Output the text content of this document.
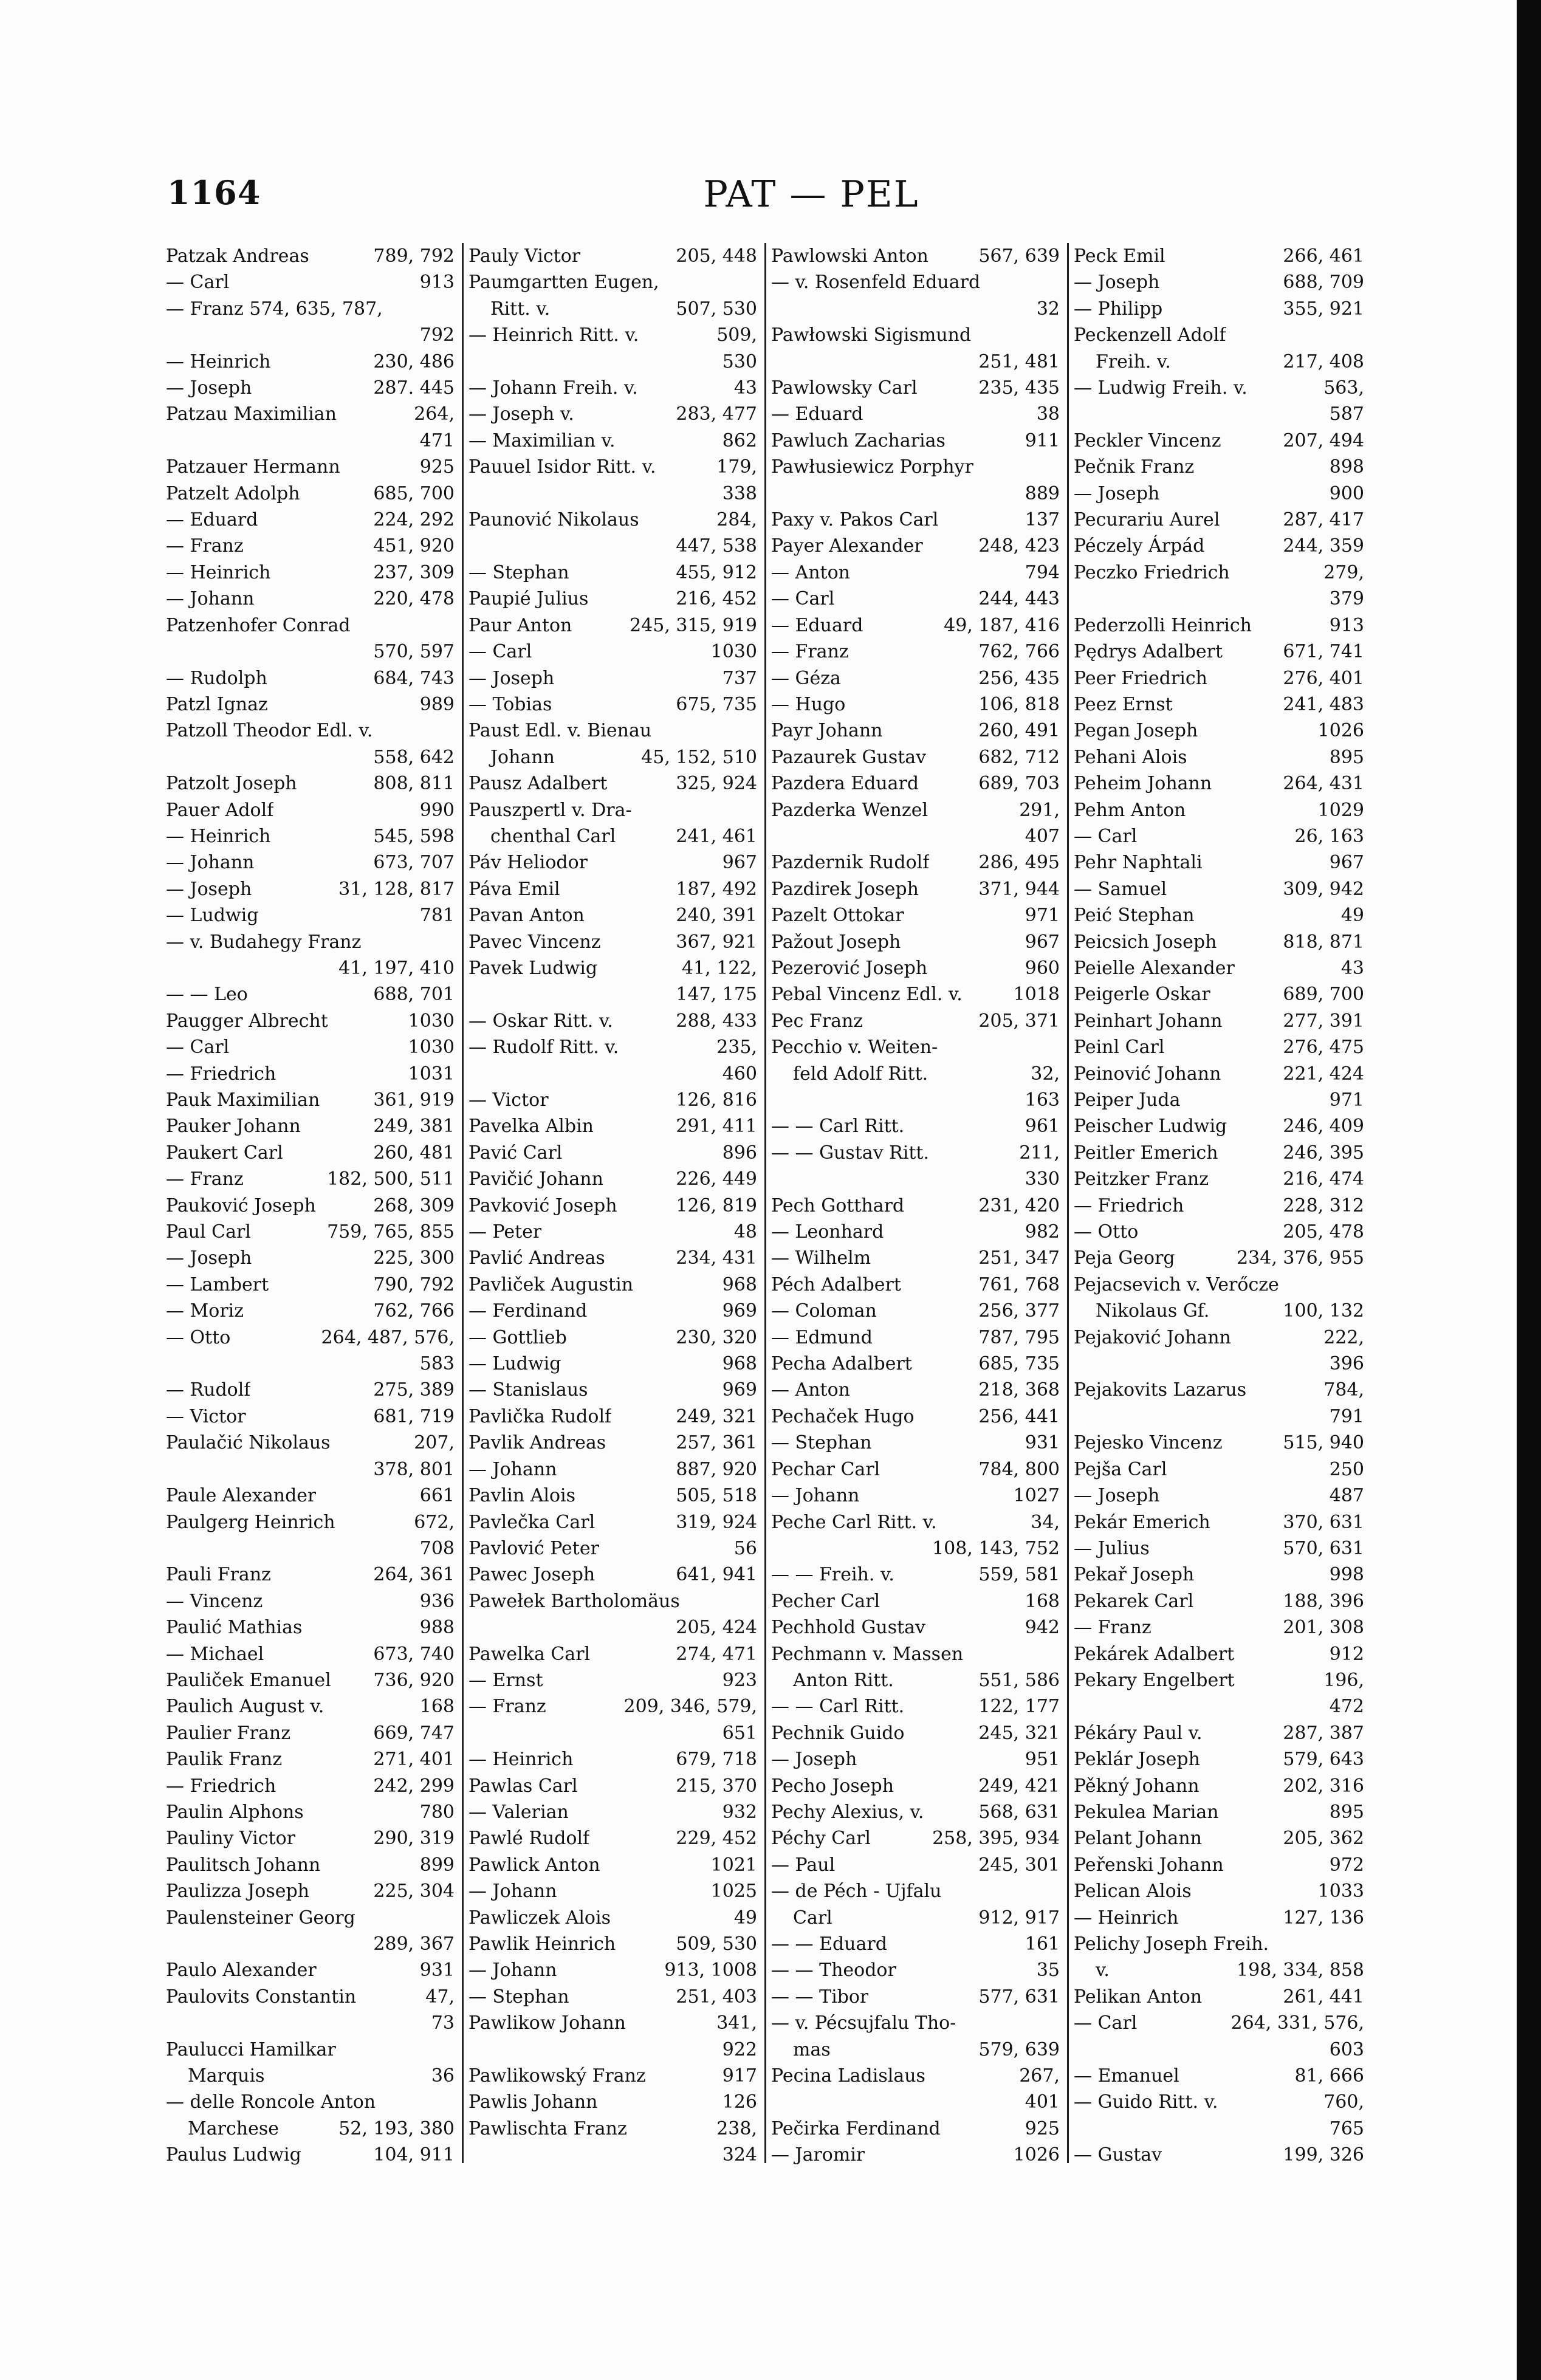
PAT — PEL
1164
Patzak Andreas	789, 792
— Carl	913
— Franz 574, 635, 787,
792
— Heinrich	230, 486
— Joseph	287. 445
Patzau Maximilian	264,
471
Patzauer Hermann	925
Patzelt Adolph	685, 700
— Eduard	224, 292
— Franz	451, 920
— Heinrich	237, 309
— Johann	220, 478
Patzenhofer Conrad
570, 597
— Rudolph	684, 743
Patzl Ignaz	989
Patzoll Theodor Edl. v.
558, 642
Patzolt Joseph	808, 811
Pauer Adolf	990
— Heinrich	545, 598
— Johann	673, 707
— Joseph	31, 128, 817
— Ludwig	781
— v. Budahegy Franz
41, 197, 410
— — Leo	688, 701
Paugger Albrecht	1030
— Carl	1030
— Friedrich	1031
Pauk Maximilian	361, 919
Pauker Johann	249, 381
Paukert Carl	260, 481
— Franz	182, 500, 511
Pauković Joseph	268, 309
Paul Carl	759, 765, 855
— Joseph	225, 300
— Lambert	790, 792
— Moriz	762, 766
— Otto	264, 487, 576,
583
— Rudolf	275, 389
— Victor	681, 719
Paulačić Nikolaus	207,
378, 801
Paule Alexander	661
Paulgerg Heinrich	672,
708
Pauli Franz	264, 361
— Vincenz	936
Paulić Mathias	988
— Michael	673, 740
Pauliček Emanuel 736, 920
Paulich August v.	168
Paulier Franz	669, 747
Paulik Franz	271, 401
— Friedrich	242, 299
Paulin Alphons	780
Pauliny Victor	290, 319
Paulitsch Johann	899
Paulizza Joseph	225, 304
Paulensteiner Georg
289, 367
Paulo Alexander	931
Paulovits Constantin	47,
73
Paulucci Hamilkar
Marquis	36
— delle Roncole Anton
Marchese	52, 193, 380
Paulus Ludwig	104, 911
Pauly Victor	205, 448
Paumgartten Eugen,
Ritt. v.	507, 530
— Heinrich Ritt. v.	509,
530
— Johann Freih. v.	43
— Joseph v.	283, 477
— Maximilian v.	862
Pauuel Isidor Ritt. v.	179,
338
Paunović Nikolaus	284,
447, 538
— Stephan	455, 912
Paupié Julius	216, 452
Paur Anton	245, 315, 919
— Carl	1030
— Joseph	737
— Tobias	675, 735
Paust Edl. v. Bienau
Johann	45, 152, 510
Pausz Adalbert	325, 924
Pauszpertl v. Dra-
chenthal Carl	241, 461
Páv Heliodor	967
Páva Emil	187, 492
Pavan Anton	240, 391
Pavec Vincenz	367, 921
Pavek Ludwig	41, 122,
147, 175
— Oskar Ritt. v.	288, 433
— Rudolf Ritt. v.	235,
460
— Victor	126, 816
Pavelka Albin	291, 411
Pavić Carl	896
Pavičić Johann	226, 449
Pavković Joseph	126, 819
— Peter	48
Pavlić Andreas	234, 431
Pavliček Augustin	968
— Ferdinand	969
— Gottlieb	230, 320
— Ludwig	968
— Stanislaus	969
Pavlička Rudolf	249, 321
Pavlik Andreas	257, 361
— Johann	887, 920
Pavlin Alois	505, 518
Pavlečka Carl	319, 924
Pavlović Peter	56
Pawec Joseph	641, 941
Pawełek Bartholomäus
205, 424
Pawelka Carl	274, 471
— Ernst	923
— Franz	209, 346, 579,
651
— Heinrich	679, 718
Pawlas Carl	215, 370
— Valerian	932
Pawlé Rudolf	229, 452
Pawlick Anton	1021
— Johann	1025
Pawliczek Alois	49
Pawlik Heinrich	509, 530
— Johann	913, 1008
— Stephan	251, 403
Pawlikow Johann	341,
922
Pawlikowský Franz	917
Pawlis Johann	126
Pawlischta Franz	238,
324
Pawlowski Anton	567, 639
— v. Rosenfeld Eduard
32
Pawłowski Sigismund
251, 481
Pawlowsky Carl	235, 435
— Eduard	38
Pawluch Zacharias	911
Pawłusiewicz Porphyr
889
Paxy v. Pakos Carl	137
Payer Alexander	248, 423
— Anton	794
— Carl	244, 443
— Eduard	49, 187, 416
— Franz	762, 766
— Géza	256, 435
— Hugo	106, 818
Payr Johann	260, 491
Pazaurek Gustav	682, 712
Pazdera Eduard	689, 703
Pazderka Wenzel	291,
407
Pazdernik Rudolf	286, 495
Pazdirek Joseph	371, 944
Pazelt Ottokar	971
Pažout Joseph	967
Pezerović Joseph	960
Pebal Vincenz Edl. v.	1018
Pec Franz	205, 371
Pecchio v. Weiten-
feld Adolf Ritt.	32,
163
— — Carl Ritt.	961
— — Gustav Ritt.	211,
330
Pech Gotthard	231, 420
— Leonhard	982
— Wilhelm	251, 347
Péch Adalbert	761, 768
— Coloman	256, 377
— Edmund	787, 795
Pecha Adalbert	685, 735
— Anton	218, 368
Pechaček Hugo	256, 441
— Stephan	931
Pechar Carl	784, 800
— Johann	1027
Peche Carl Ritt. v.	34,
108, 143, 752
— — Freih. v.	559, 581
Pecher Carl	168
Pechhold Gustav	942
Pechmann v. Massen
Anton Ritt.	551, 586
— — Carl Ritt.	122, 177
Pechnik Guido	245, 321
— Joseph	951
Pecho Joseph	249, 421
Pechy Alexius, v.	568, 631
Péchy Carl	258, 395, 934
— Paul	245, 301
— de Péch - Ujfalu
Carl	912, 917
— — Eduard	161
— — Theodor	35
— — Tibor	577, 631
— v. Pécsujfalu Tho-
mas	579, 639
Pecina Ladislaus	267,
401
Pečirka Ferdinand	925
— Jaromir	1026
Peck Emil	266, 461
— Joseph	688, 709
— Philipp	355, 921
Peckenzell Adolf
Freih. v.	217, 408
— Ludwig Freih. v.	563,
587
Peckler Vincenz	207, 494
Pečnik Franz	898
— Joseph	900
Pecurariu Aurel	287, 417
Péczely Árpád	244, 359
Peczko Friedrich	279,
379
Pederzolli Heinrich	913
Pędrys Adalbert	671, 741
Peer Friedrich	276, 401
Peez Ernst	241, 483
Pegan Joseph	1026
Pehani Alois	895
Peheim Johann	264, 431
Pehm Anton	1029
— Carl	26, 163
Pehr Naphtali	967
— Samuel	309, 942
Peić Stephan	49
Peicsich Joseph	818, 871
Peielle Alexander	43
Peigerle Oskar	689, 700
Peinhart Johann	277, 391
Peinl Carl	276, 475
Peinović Johann	221, 424
Peiper Juda	971
Peischer Ludwig	246, 409
Peitler Emerich	246, 395
Peitzker Franz	216, 474
— Friedrich	228, 312
— Otto	205, 478
Peja Georg	234, 376, 955
Pejacsevich v. Verőcze
Nikolaus Gf.	100, 132
Pejaković Johann	222,
396
Pejakovits Lazarus	784,
791
Pejesko Vincenz	515, 940
Pejša Carl	250
— Joseph	487
Pekár Emerich	370, 631
— Julius	570, 631
Pekař Joseph	998
Pekarek Carl	188, 396
— Franz	201, 308
Pekárek Adalbert	912
Pekary Engelbert	196,
472
Pékáry Paul v.	287, 387
Peklár Joseph	579, 643
Pěkný Johann	202, 316
Pekulea Marian	895
Pelant Johann	205, 362
Peřenski Johann	972
Pelican Alois	1033
— Heinrich	127, 136
Pelichy Joseph Freih.
v.	198, 334, 858
Pelikan Anton	261, 441
— Carl	264, 331, 576,
603
— Emanuel	81, 666
— Guido Ritt. v.	760,
765
— Gustav	199, 326
